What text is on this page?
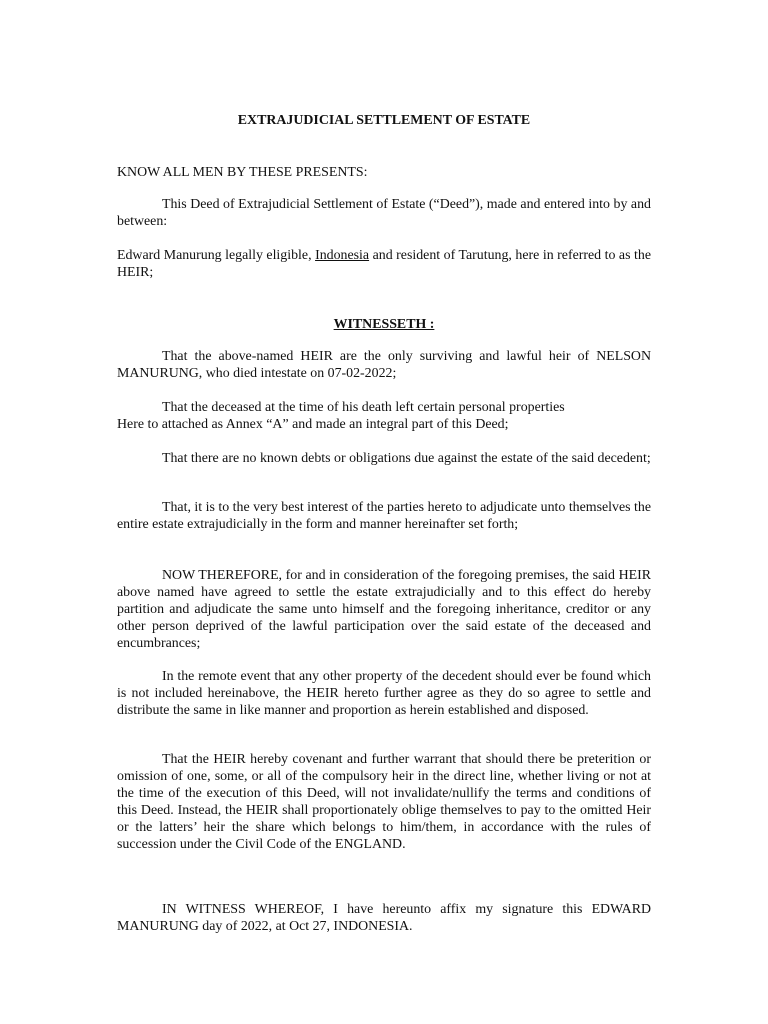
EXTRAJUDICIAL SETTLEMENT OF ESTATE

KNOW ALL MEN BY THESE PRESENTS:

This Deed of Extrajudicial Settlement of Estate (“Deed”), made and entered into by and between:

Edward Manurung legally eligible, Indonesia and resident of Tarutung, here in referred to as the HEIR;

WITNESSETH :

That the above-named HEIR are the only surviving and lawful heir of NELSON MANURUNG, who died intestate on 07-02-2022;

That the deceased at the time of his death left certain personal properties

Here to attached as Annex “A” and made an integral part of this Deed;

That there are no known debts or obligations due against the estate of the said decedent;

That, it is to the very best interest of the parties hereto to adjudicate unto themselves the entire estate extrajudicially in the form and manner hereinafter set forth;

NOW THEREFORE, for and in consideration of the foregoing premises, the said HEIR above named have agreed to settle the estate extrajudicially and to this effect do hereby partition and adjudicate the same unto himself and the foregoing inheritance, creditor or any other person deprived of the lawful participation over the said estate of the deceased and encumbrances;

In the remote event that any other property of the decedent should ever be found which is not included hereinabove, the HEIR hereto further agree as they do so agree to settle and distribute the same in like manner and proportion as herein established and disposed.

That the HEIR hereby covenant and further warrant that should there be preterition or omission of one, some, or all of the compulsory heir in the direct line, whether living or not at the time of the execution of this Deed, will not invalidate/nullify the terms and conditions of this Deed. Instead, the HEIR shall proportionately oblige themselves to pay to the omitted Heir or the latters’ heir the share which belongs to him/them, in accordance with the rules of succession under the Civil Code of the ENGLAND.

IN WITNESS WHEREOF, I have hereunto affix my signature this EDWARD MANURUNG day of 2022, at Oct 27, INDONESIA.
